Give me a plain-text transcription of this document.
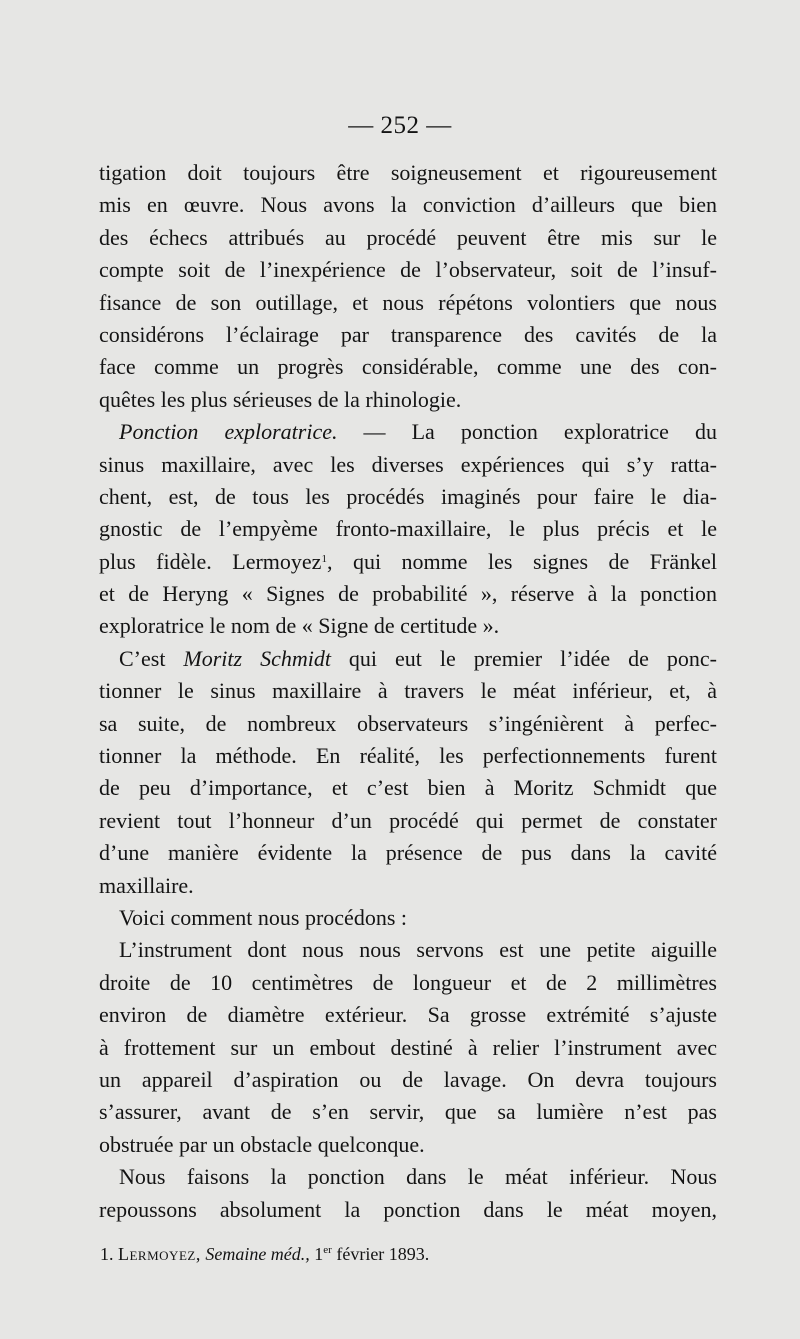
— 252 —
tigation doit toujours être soigneusement et rigoureusement
mis en œuvre. Nous avons la conviction d’ailleurs que bien
des échecs attribués au procédé peuvent être mis sur le
compte soit de l’inexpérience de l’observateur, soit de l’insuf-
fisance de son outillage, et nous répétons volontiers que nous
considérons l’éclairage par transparence des cavités de la
face comme un progrès considérable, comme une des con-
quêtes les plus sérieuses de la rhinologie.
Ponction exploratrice. — La ponction exploratrice du
sinus maxillaire, avec les diverses expériences qui s’y ratta-
chent, est, de tous les procédés imaginés pour faire le dia-
gnostic de l’empyème fronto-maxillaire, le plus précis et le
plus fidèle. Lermoyez$^1$, qui nomme les signes de Fränkel
et de Heryng « Signes de probabilité », réserve à la ponction
exploratrice le nom de « Signe de certitude ».
C’est Moritz Schmidt qui eut le premier l’idée de ponc-
tionner le sinus maxillaire à travers le méat inférieur, et, à
sa suite, de nombreux observateurs s’ingénièrent à perfec-
tionner la méthode. En réalité, les perfectionnements furent
de peu d’importance, et c’est bien à Moritz Schmidt que
revient tout l’honneur d’un procédé qui permet de constater
d’une manière évidente la présence de pus dans la cavité
maxillaire.
Voici comment nous procédons :
L’instrument dont nous nous servons est une petite aiguille
droite de 10 centimètres de longueur et de 2 millimètres
environ de diamètre extérieur. Sa grosse extrémité s’ajuste
à frottement sur un embout destiné à relier l’instrument avec
un appareil d’aspiration ou de lavage. On devra toujours
s’assurer, avant de s’en servir, que sa lumière n’est pas
obstruée par un obstacle quelconque.
Nous faisons la ponction dans le méat inférieur. Nous
repoussons absolument la ponction dans le méat moyen,
1. Lermoyez, Semaine méd., 1er février 1893.
